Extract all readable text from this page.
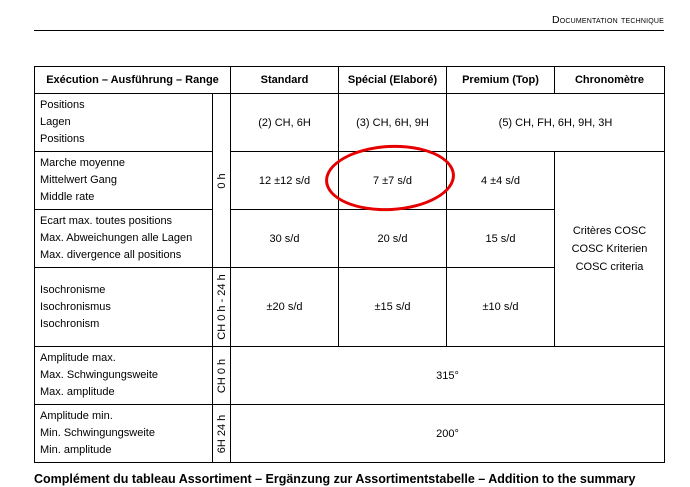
Documentation technique
Exécution – Ausführung – Range		Standard	Spécial (Elaboré)	Premium (Top)	Chronomètre

Positions
Lagen
Positions	0 h	(2) CH, 6H	(3) CH, 6H, 9H	(5) CH, FH, 6H, 9H, 3H	

Marche moyenne
Mittelwert Gang
Middle rate		12 ±12 s/d	7 ±7 s/d	4 ±4 s/d	Critères COSC
COSC Kriterien
COSC criteria

Ecart max. toutes positions
Max. Abweichungen alle Lagen
Max. divergence all positions		30 s/d	20 s/d	15 s/d	

Isochronisme
Isochronismus
Isochronism	CH 0 h - 24 h	±20 s/d	±15 s/d	±10 s/d	

Amplitude max.
Max. Schwingungsweite
Max. amplitude	CH 0 h	315°			

Amplitude min.
Min. Schwingungsweite
Min. amplitude	6H 24 h	200°			
Complément du tableau Assortiment – Ergänzung zur Assortimentstabelle – Addition to the summary
